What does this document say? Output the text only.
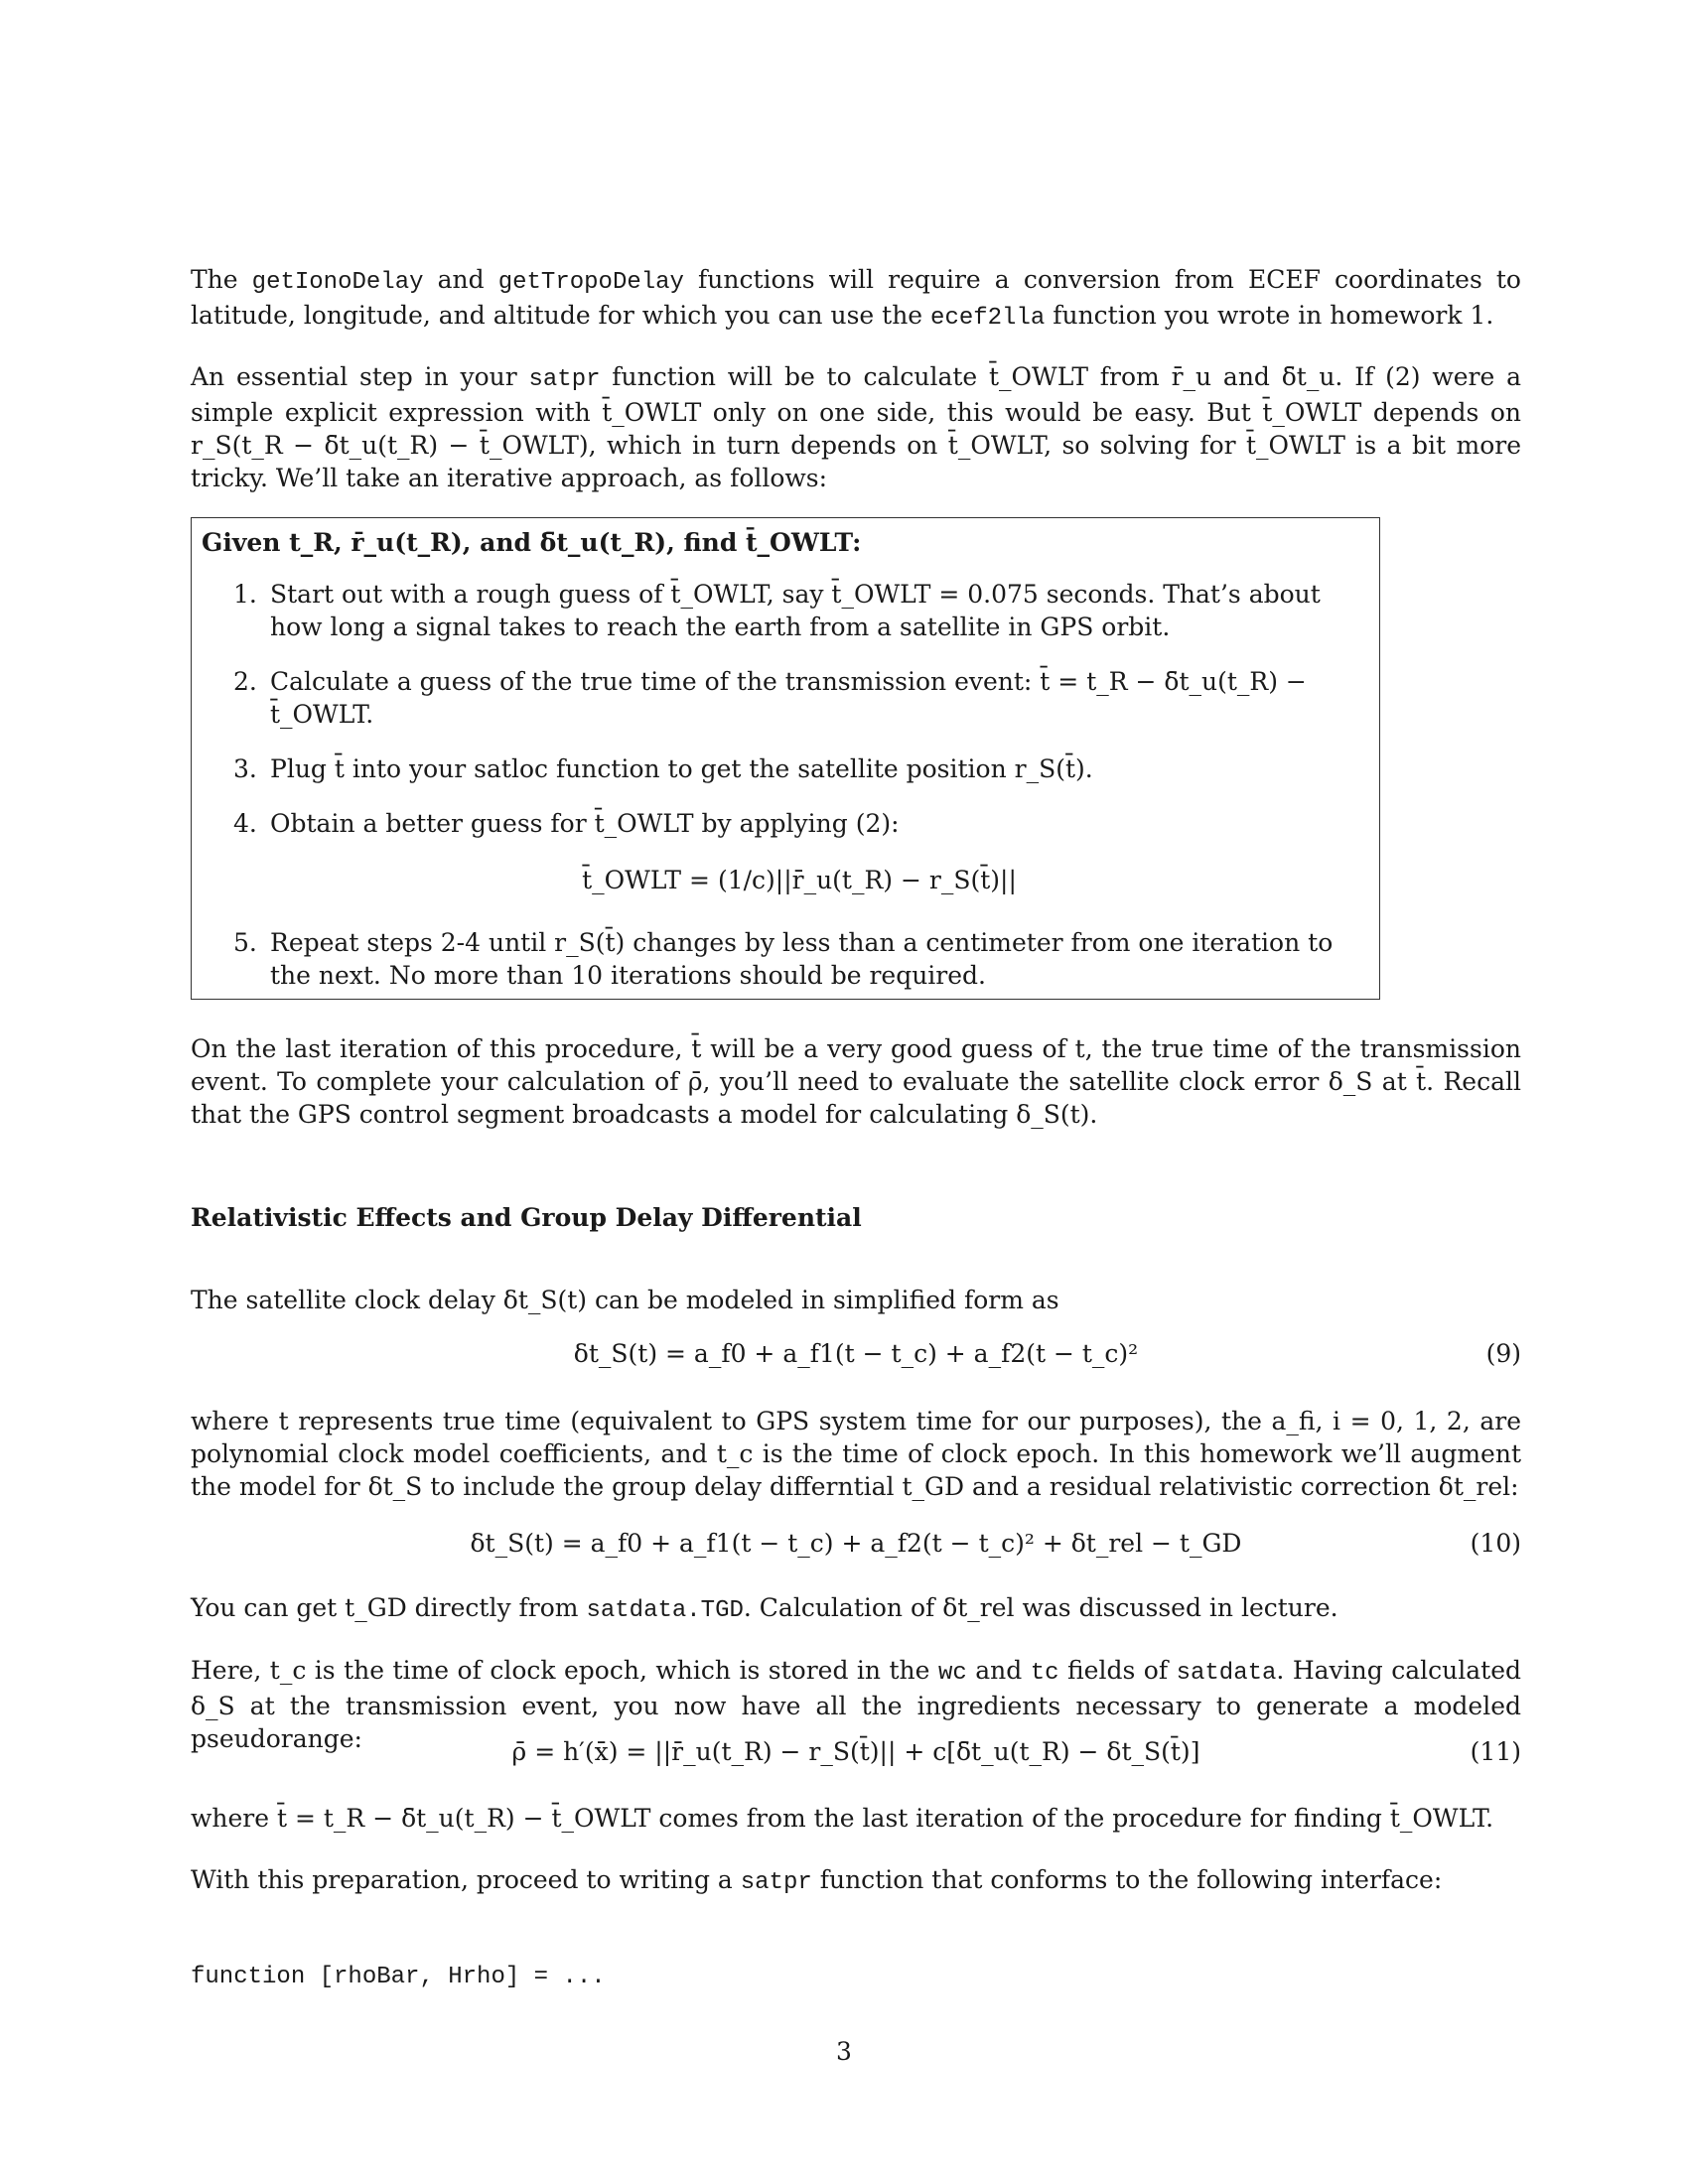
The getIonoDelay and getTropoDelay functions will require a conversion from ECEF coordinates to latitude, longitude, and altitude for which you can use the ecef2lla function you wrote in homework 1.

An essential step in your satpr function will be to calculate t̄_OWLT from r̄_u and δ̄t_u. If (2) were a simple explicit expression with t̄_OWLT only on one side, this would be easy. But t̄_OWLT depends on r_S(t_R − δ̄t_u(t_R) − t̄_OWLT), which in turn depends on t̄_OWLT, so solving for t̄_OWLT is a bit more tricky. We’ll take an iterative approach, as follows:

Given t_R, r̄_u(t_R), and δ̄t_u(t_R), find t̄_OWLT:
1. Start out with a rough guess of t̄_OWLT, say t̄_OWLT = 0.075 seconds. That’s about how long a signal takes to reach the earth from a satellite in GPS orbit.
2. Calculate a guess of the true time of the transmission event: t̄ = t_R − δ̄t_u(t_R) − t̄_OWLT.
3. Plug t̄ into your satloc function to get the satellite position r_S(t̄).
4. Obtain a better guess for t̄_OWLT by applying (2):
t̄_OWLT = (1/c)||r̄_u(t_R) − r_S(t̄)||
5. Repeat steps 2-4 until r_S(t̄) changes by less than a centimeter from one iteration to the next. No more than 10 iterations should be required.

On the last iteration of this procedure, t̄ will be a very good guess of t, the true time of the transmission event. To complete your calculation of ρ̄, you’ll need to evaluate the satellite clock error δ_S at t̄. Recall that the GPS control segment broadcasts a model for calculating δ_S(t).

Relativistic Effects and Group Delay Differential

The satellite clock delay δt_S(t) can be modeled in simplified form as

δt_S(t) = a_f0 + a_f1(t − t_c) + a_f2(t − t_c)²	(9)

where t represents true time (equivalent to GPS system time for our purposes), the a_fi, i = 0, 1, 2, are polynomial clock model coefficients, and t_c is the time of clock epoch. In this homework we’ll augment the model for δt_S to include the group delay differntial t_GD and a residual relativistic correction δt_rel:

δt_S(t) = a_f0 + a_f1(t − t_c) + a_f2(t − t_c)² + δt_rel − t_GD	(10)

You can get t_GD directly from satdata.TGD. Calculation of δt_rel was discussed in lecture.

Here, t_c is the time of clock epoch, which is stored in the wc and tc fields of satdata. Having calculated δ_S at the transmission event, you now have all the ingredients necessary to generate a modeled pseudorange:	ρ̄ = h′(x̄) = ||r̄_u(t_R) − r_S(t̄)|| + c[δ̄t_u(t_R) − δt_S(t̄)]	(11)

where t̄ = t_R − δ̄t_u(t_R) − t̄_OWLT comes from the last iteration of the procedure for finding t̄_OWLT.

With this preparation, proceed to writing a satpr function that conforms to the following interface:

function [rhoBar, Hrho] = ...
3
